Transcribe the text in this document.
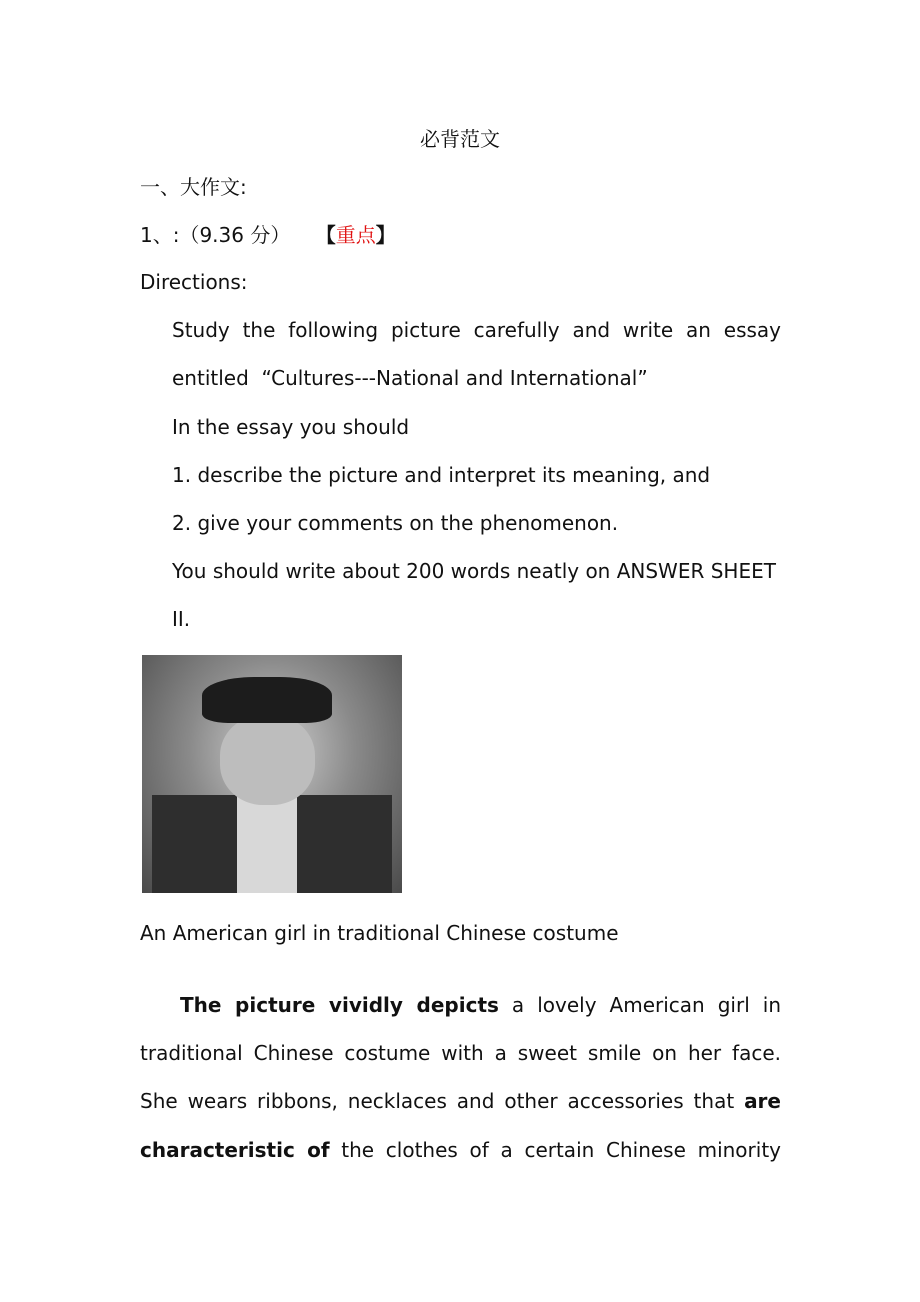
必背范文
一、大作文:
1、:（9.36 分） 【重点】
Directions:
Study the following picture carefully and write an essay
entitled  “Cultures---National and International”
In the essay you should
1. describe the picture and interpret its meaning, and
2. give your comments on the phenomenon.
You should write about 200 words neatly on ANSWER SHEET
II.
An American girl in traditional Chinese costume
The picture vividly depicts a lovely American girl in
traditional Chinese costume with a sweet smile on her face.
She wears ribbons, necklaces and other accessories that are
characteristic of the clothes of a certain Chinese minority
